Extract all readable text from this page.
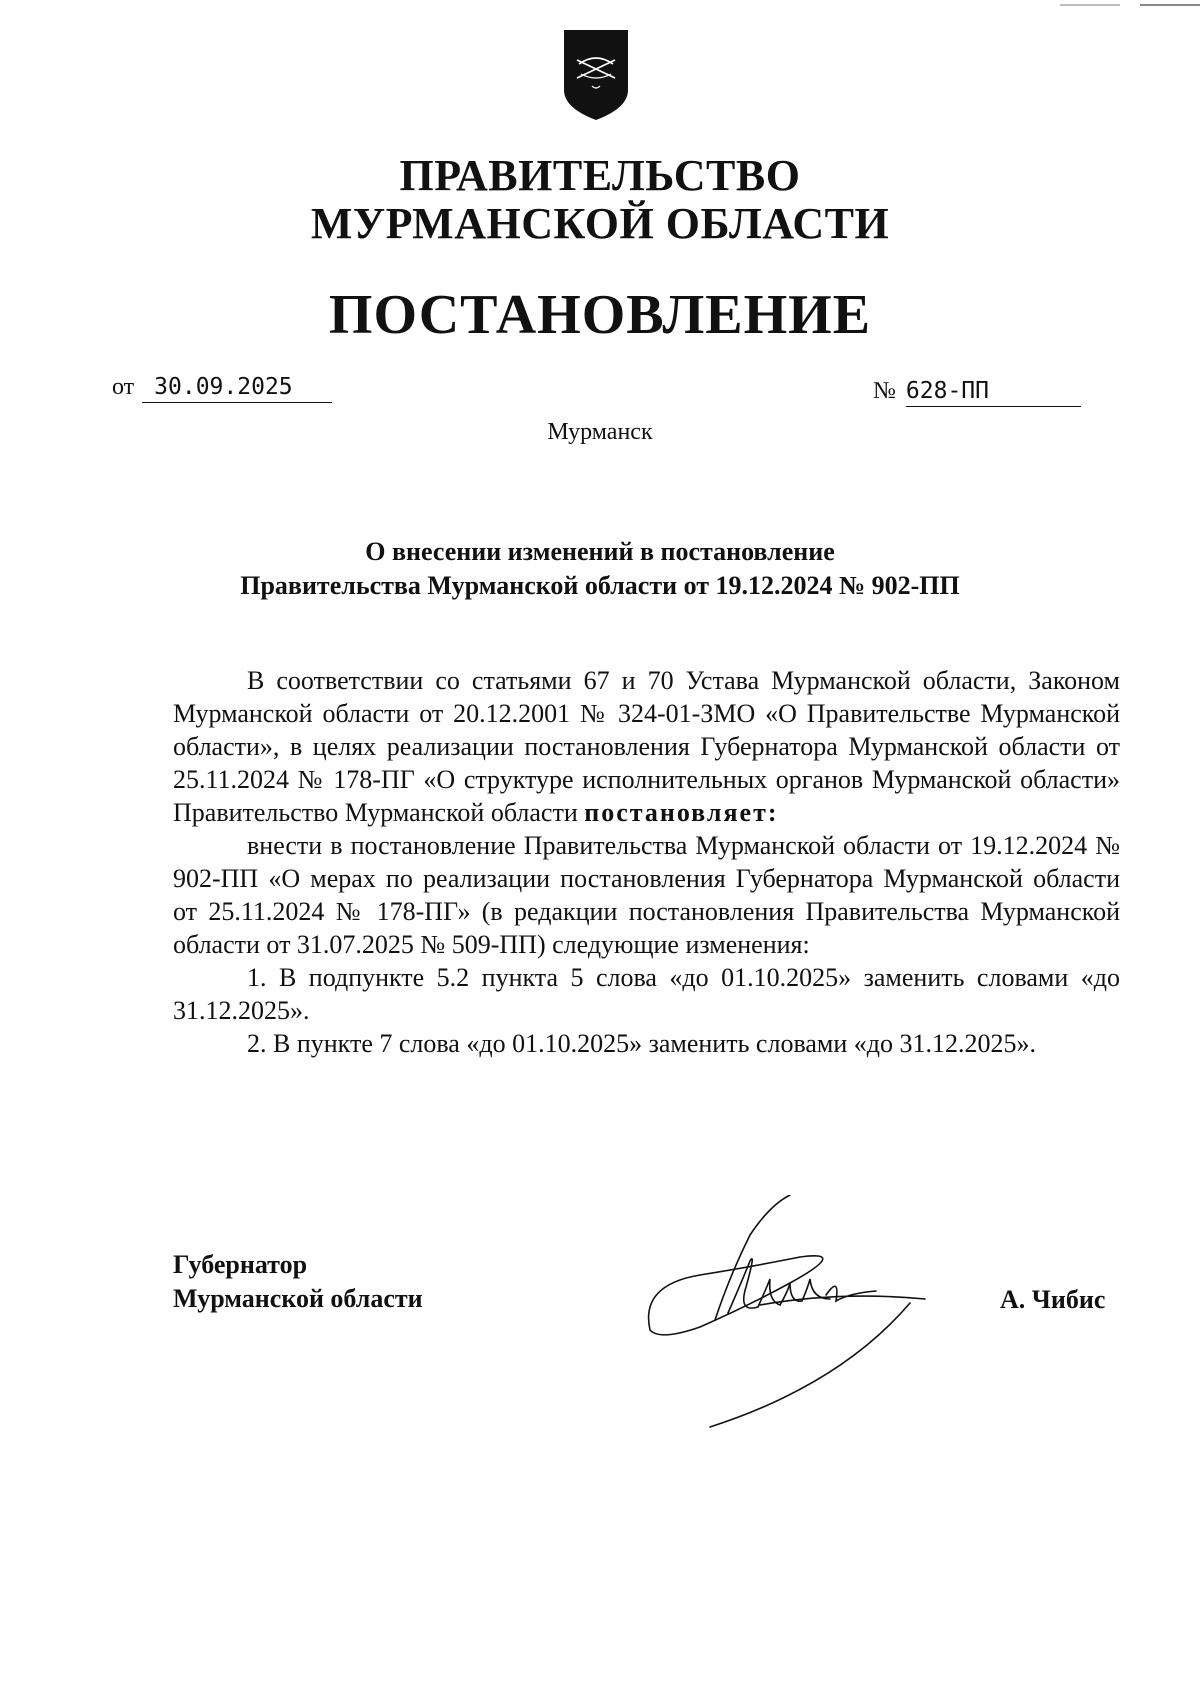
ПРАВИТЕЛЬСТВО
МУРМАНСКОЙ ОБЛАСТИ
ПОСТАНОВЛЕНИЕ
от 30.09.2025	№ 628-ПП
Мурманск
О внесении изменений в постановление
Правительства Мурманской области от 19.12.2024 № 902-ПП

В соответствии со статьями 67 и 70 Устава Мурманской области, Законом Мурманской области от 20.12.2001 № 324-01-ЗМО «О Правительстве Мурманской области», в целях реализации постановления Губернатора Мурманской области от 25.11.2024 № 178-ПГ «О структуре исполнительных органов Мурманской области» Правительство Мурманской области постановляет:

внести в постановление Правительства Мурманской области от 19.12.2024 № 902-ПП «О мерах по реализации постановления Губернатора Мурманской области от 25.11.2024 № 178-ПГ» (в редакции постановления Правительства Мурманской области от 31.07.2025 № 509-ПП) следующие изменения:

1. В подпункте 5.2 пункта 5 слова «до 01.10.2025» заменить словами «до 31.12.2025».

2. В пункте 7 слова «до 01.10.2025» заменить словами «до 31.12.2025».

Губернатор
Мурманской области	А. Чибис
